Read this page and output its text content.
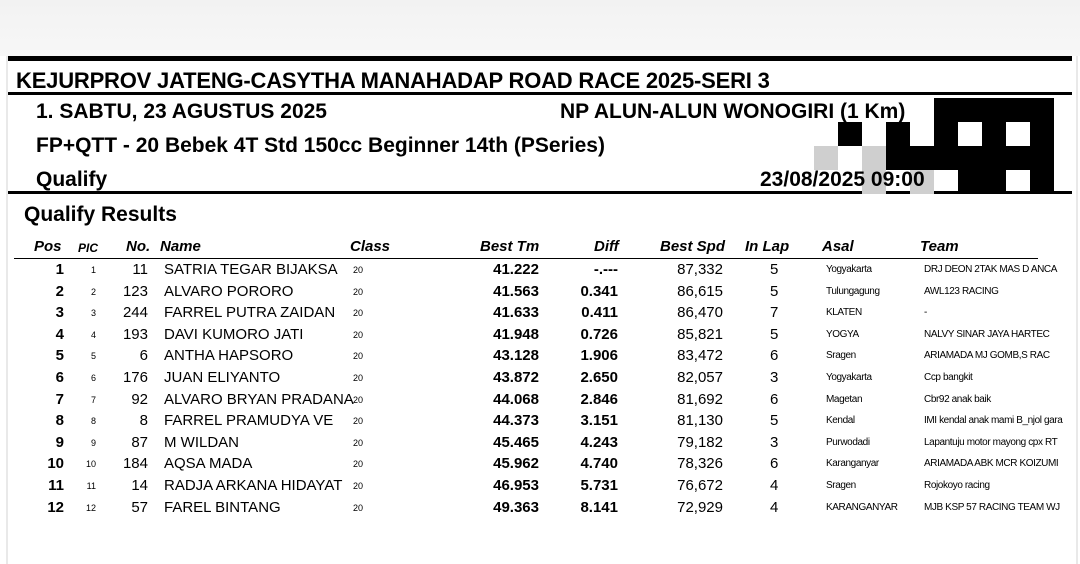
KEJURPROV JATENG-CASYTHA MANAHADAP ROAD RACE 2025-SERI 3
1. SABTU, 23 AGUSTUS 2025	NP ALUN-ALUN WONOGIRI (1 Km)
FP+QTT - 20 Bebek 4T Std 150cc Beginner 14th (PSeries)
Qualify	23/08/2025 09:00
Qualify Results
Pos PIC No. Name	Class	Best Tm	Diff	Best Spd In Lap Asal	Team
1	1	11 SATRIA TEGAR BIJAKSA 20	41.222	-.---	87,332	5	Yogyakarta	DRJ DEON 2TAK MAS D ANCA
2	2	123 ALVARO PORORO	20	41.563	0.341	86,615	5	Tulungagung	AWL123 RACING
3	3	244 FARREL PUTRA ZAIDAN	20	41.633	0.411	86,470	7	KLATEN	-
4	4	193 DAVI KUMORO JATI	20	41.948	0.726	85,821	5	YOGYA	NALVY SINAR JAYA HARTEC
5	5	6 ANTHA HAPSORO	20	43.128	1.906	83,472	6	Sragen	ARIAMADA MJ GOMB,S RAC
6	6	176 JUAN ELIYANTO	20	43.872	2.650	82,057	3	Yogyakarta	Ccp bangkit
7	7	92 ALVARO BRYAN PRADANA 20	44.068	2.846	81,692	6	Magetan	Cbr92 anak baik
8	8	8 FARREL PRAMUDYA VE	20	44.373	3.151	81,130	5	Kendal	IMI kendal anak mami B_njol gara
9	9	87 M WILDAN	20	45.465	4.243	79,182	3	Purwodadi	Lapantuju motor mayong cpx RT
10	10	184 AQSA MADA	20	45.962	4.740	78,326	6	Karanganyar	ARIAMADA ABK MCR KOIZUMI
11	11	14 RADJA ARKANA HIDAYAT 20	46.953	5.731	76,672	4	Sragen	Rojokoyo racing
12	12	57 FAREL BINTANG	20	49.363	8.141	72,929	4	KARANGANYAR	MJB KSP 57 RACING TEAM WJ
